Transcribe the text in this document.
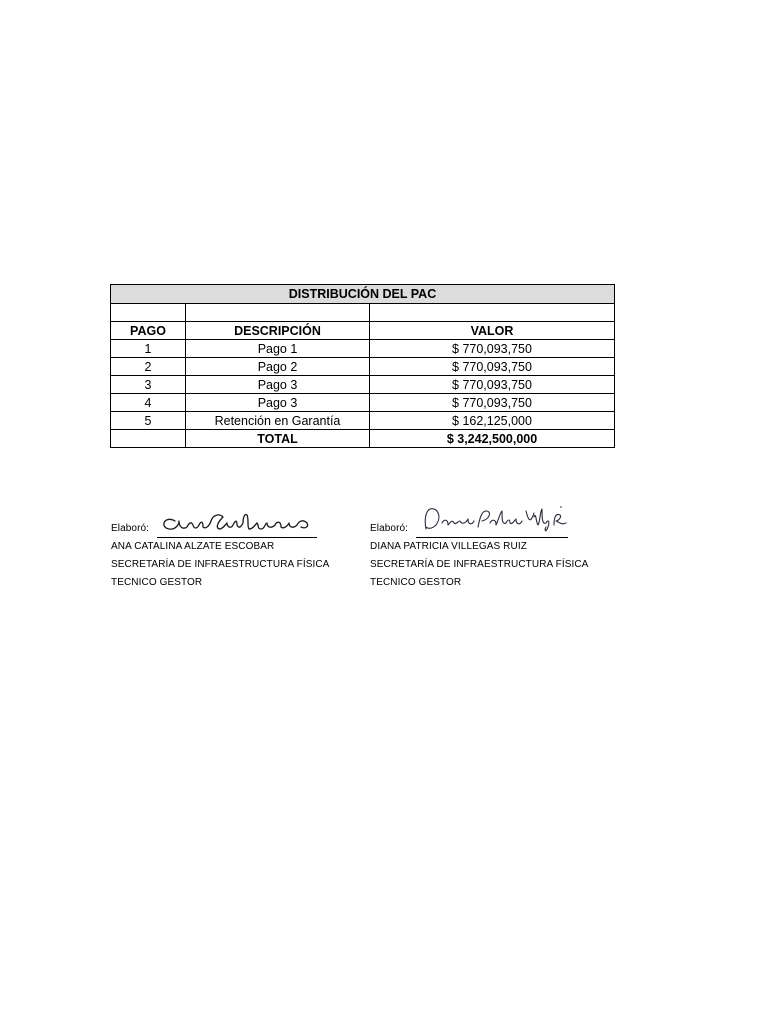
DISTRIBUCIÓN DEL PAC		

PAGO	DESCRIPCIÓN	VALOR
1	Pago 1	$ 770,093,750
2	Pago 2	$ 770,093,750
3	Pago 3	$ 770,093,750
4	Pago 3	$ 770,093,750
5	Retención en Garantía	$ 162,125,000
	TOTAL	$ 3,242,500,000
Elaboró:
ANA CATALINA ALZATE ESCOBAR
SECRETARÍA DE INFRAESTRUCTURA FÍSICA
TECNICO GESTOR
Elaboró:
DIANA PATRICIA VILLEGAS RUIZ
SECRETARÍA DE INFRAESTRUCTURA FÍSICA
TECNICO GESTOR
